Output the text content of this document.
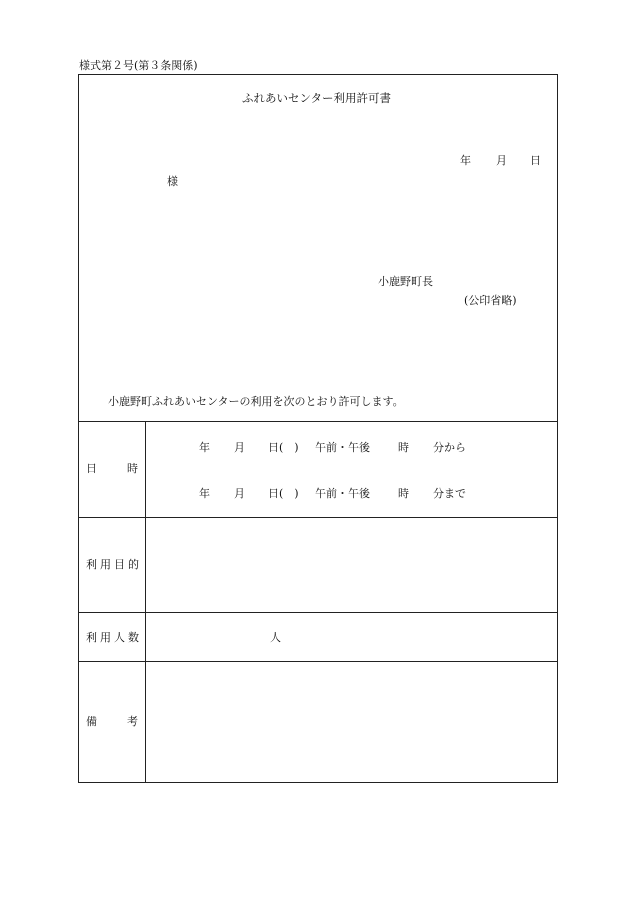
様式第２号(第３条関係)
ふれあいセンター利用許可書
年 月 日
様
小鹿野町長
(公印省略)
小鹿野町ふれあいセンターの利用を次のとおり許可します。
日	時
年 月 日(　) 午前・午後	時 分から
年 月 日(　) 午前・午後	時 分まで
利用目的
利用人数	人
備	考
